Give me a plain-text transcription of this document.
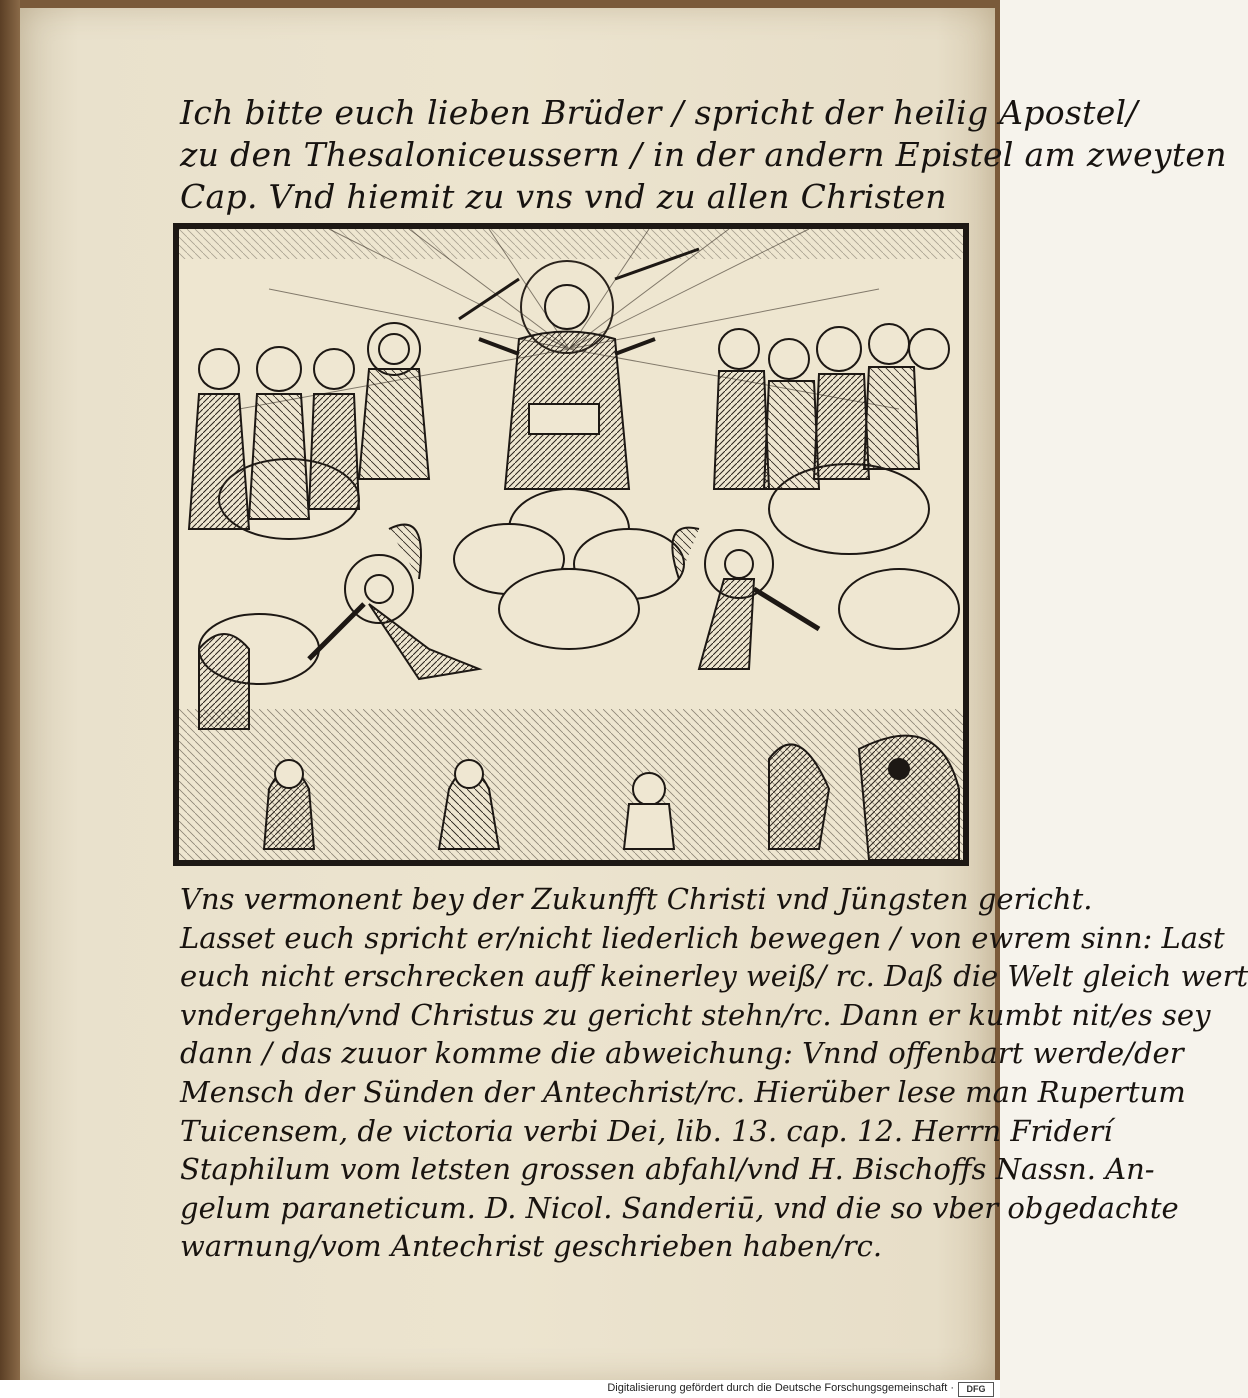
Ich bitte euch lieben Brüder / spricht der heilig Apostel/
zu den Thesaloniceussern / in der andern Epistel am zweyten
Cap. Vnd hiemit zu vns vnd zu allen Christen
Vns vermonent bey der Zukunfft Christi vnd Jüngsten gericht.
Lasset euch spricht er/nicht liederlich bewegen / von ewrem sinn: Last
euch nicht erschrecken auff keinerley weiß/ rc. Daß die Welt gleich wert
vndergehn/vnd Christus zu gericht stehn/rc. Dann er kumbt nit/es sey
dann / das zuuor komme die abweichung: Vnnd offenbart werde/der
Mensch der Sünden der Antechrist/rc. Hierüber lese man Rupertum
Tuicensem, de victoria verbi Dei, lib. 13. cap. 12. Herrn Friderí
Staphilum vom letsten grossen abfahl/vnd H. Bischoffs Nassn. An-
gelum paraneticum. D. Nicol. Sanderiū, vnd die so vber obgedachte
warnung/vom Antechrist geschrieben haben/rc.
Digitalisierung gefördert durch die Deutsche Forschungsgemeinschaft ·	DFG
